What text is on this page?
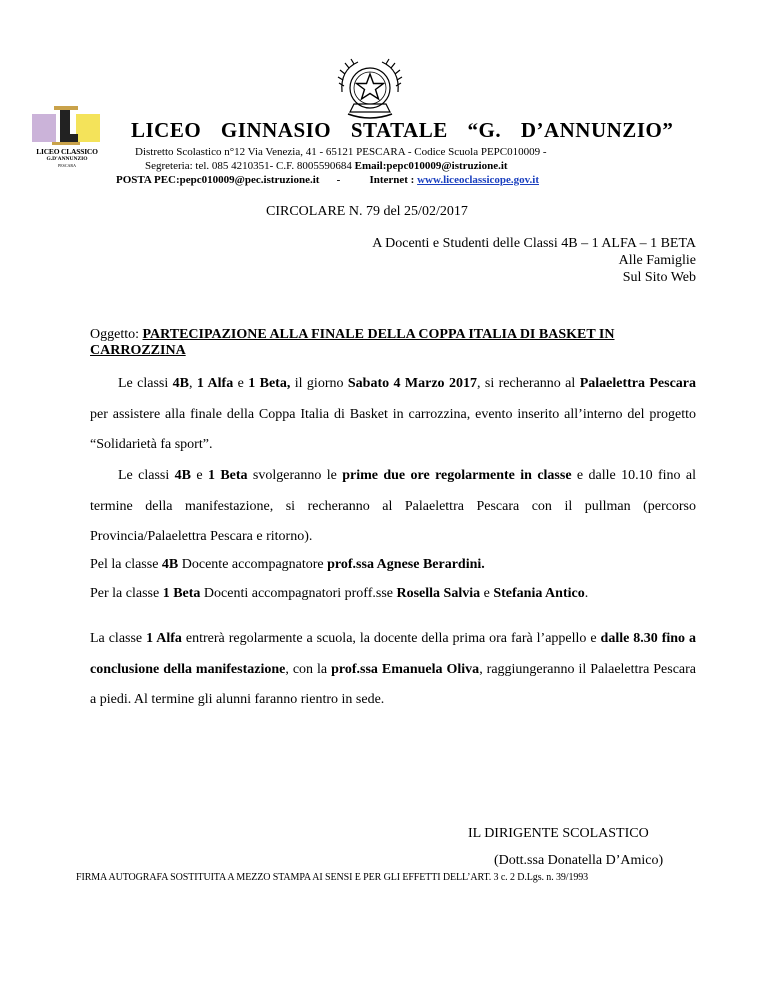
LICEO CLASSICO
G.D'ANNUNZIO
PESCARA
LICEO GINNASIO STATALE “G. D’ANNUNZIO”
Distretto Scolastico n°12 Via Venezia, 41 - 65121 PESCARA - Codice Scuola PEPC010009 -
Segreteria: tel. 085 4210351- C.F. 8005590684 Email:pepc010009@istruzione.it
POSTA PEC:pepc010009@pec.istruzione.it -	Internet : www.liceoclassicope.gov.it
CIRCOLARE N. 79 del 25/02/2017
A Docenti e Studenti delle Classi 4B – 1 ALFA – 1 BETA
Alle Famiglie
Sul Sito Web
Oggetto: PARTECIPAZIONE ALLA FINALE DELLA COPPA ITALIA DI BASKET IN CARROZZINA
Le classi 4B, 1 Alfa e 1 Beta, il giorno Sabato 4 Marzo 2017, si recheranno al Palaelettra Pescara per assistere alla finale della Coppa Italia di Basket in carrozzina, evento inserito all’interno del progetto “Solidarietà fa sport”.
Le classi 4B e 1 Beta svolgeranno le prime due ore regolarmente in classe e dalle 10.10 fino al termine della manifestazione, si recheranno al Palaelettra Pescara con il pullman (percorso Provincia/Palaelettra Pescara e ritorno).
Pel la classe 4B Docente accompagnatore prof.ssa Agnese Berardini.
Per la classe 1 Beta Docenti accompagnatori proff.sse Rosella Salvia e Stefania Antico.
La classe 1 Alfa entrerà regolarmente a scuola, la docente della prima ora farà l’appello e dalle 8.30 fino a conclusione della manifestazione, con la prof.ssa Emanuela Oliva, raggiungeranno il Palaelettra Pescara a piedi. Al termine gli alunni faranno rientro in sede.
IL DIRIGENTE SCOLASTICO
(Dott.ssa Donatella D’Amico)
FIRMA AUTOGRAFA SOSTITUITA A MEZZO STAMPA AI SENSI E PER GLI EFFETTI DELL’ART. 3 c. 2 D.Lgs. n. 39/1993
